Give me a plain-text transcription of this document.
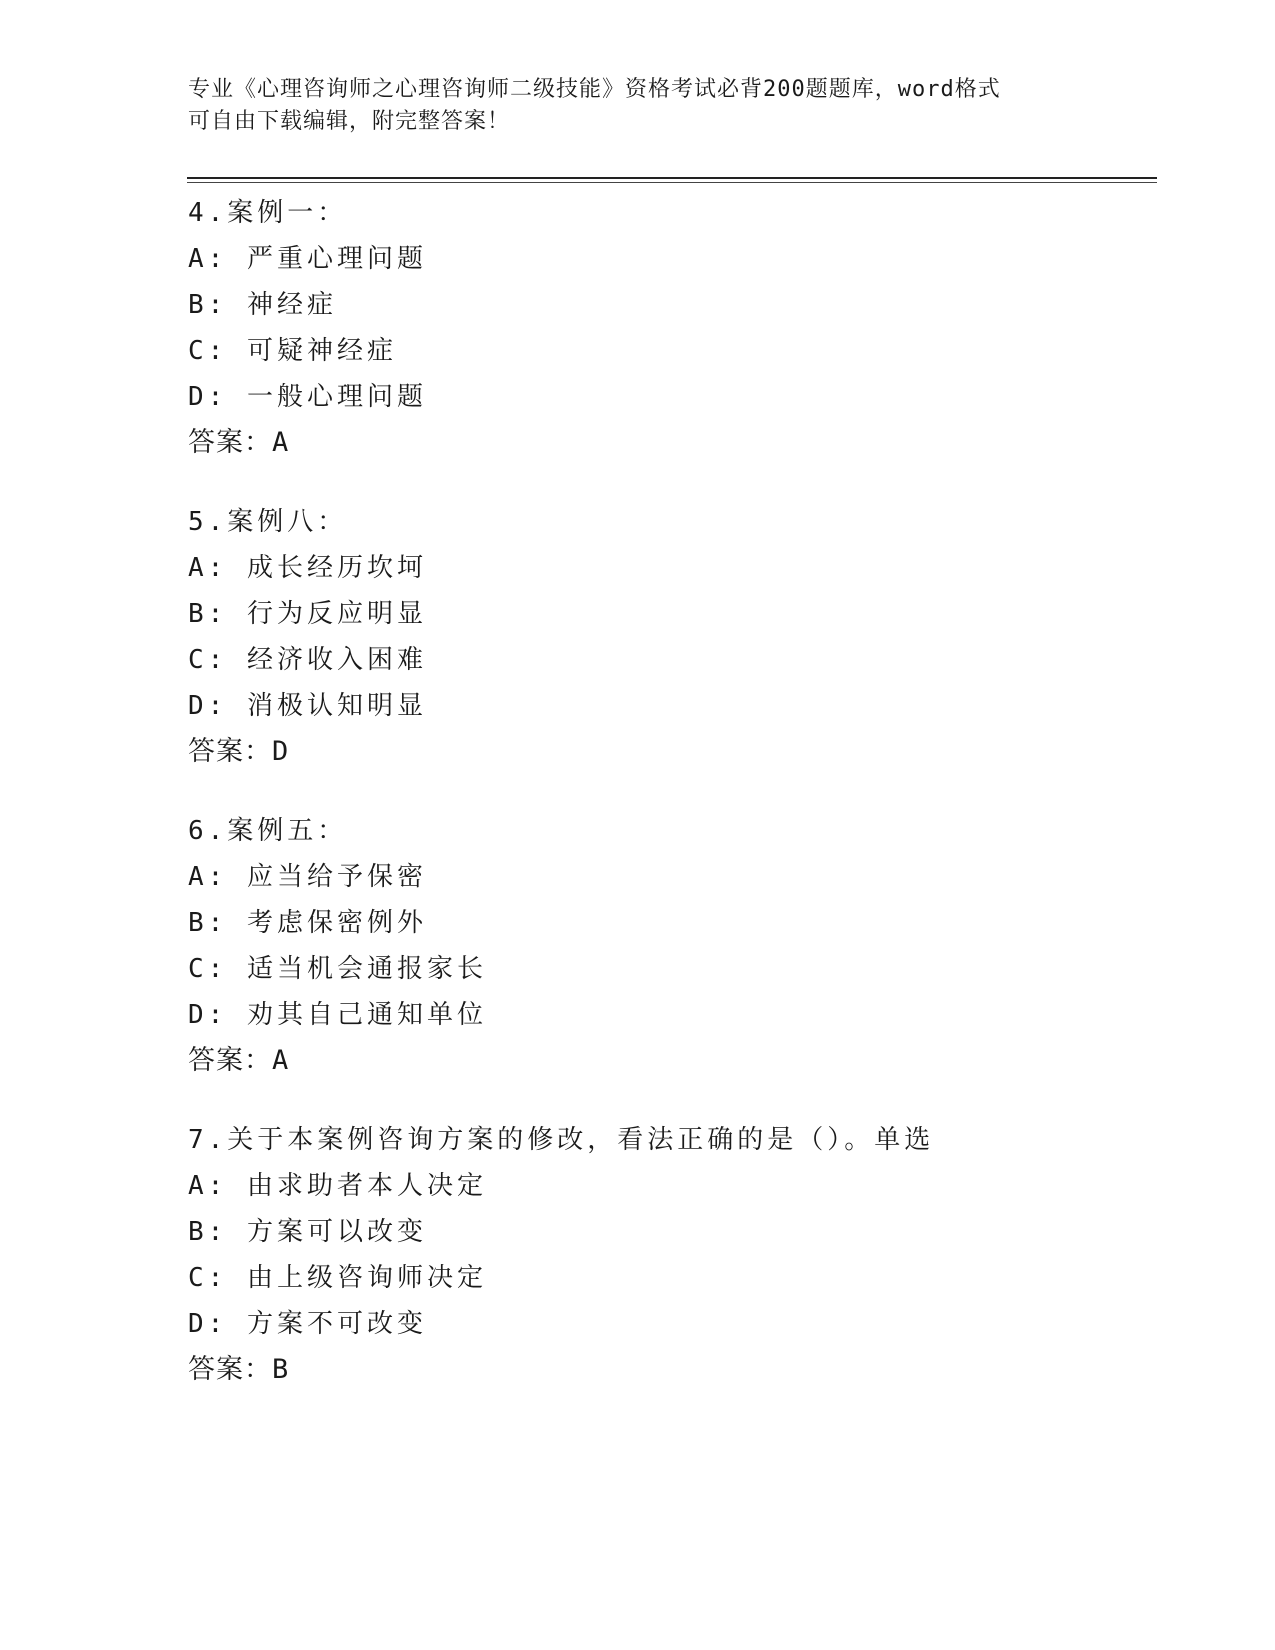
专业《心理咨询师之心理咨询师二级技能》资格考试必背200题题库，word格式
可自由下载编辑，附完整答案！
4.案例一：
A: 严重心理问题
B: 神经症
C: 可疑神经症
D: 一般心理问题
答案：A
5.案例八：
A: 成长经历坎坷
B: 行为反应明显
C: 经济收入困难
D: 消极认知明显
答案：D
6.案例五：
A: 应当给予保密
B: 考虑保密例外
C: 适当机会通报家长
D: 劝其自己通知单位
答案：A
7.关于本案例咨询方案的修改，看法正确的是（）。单选
A: 由求助者本人决定
B: 方案可以改变
C: 由上级咨询师决定
D: 方案不可改变
答案：B
